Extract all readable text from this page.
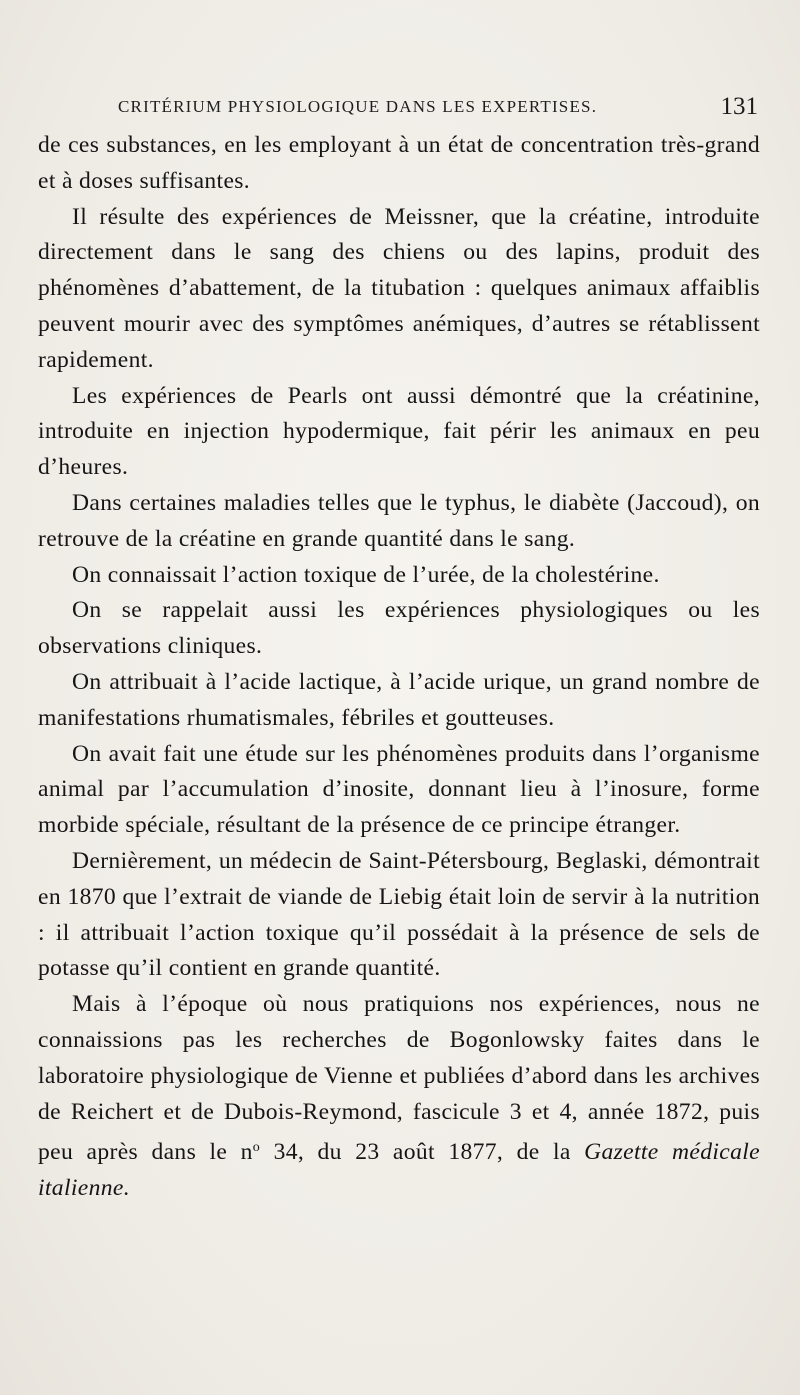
CRITÉRIUM PHYSIOLOGIQUE DANS LES EXPERTISES.	131

de ces substances, en les employant à un état de concentration très-grand et à doses suffisantes.

Il résulte des expériences de Meissner, que la créatine, introduite directement dans le sang des chiens ou des lapins, produit des phénomènes d’abattement, de la titubation : quelques animaux affaiblis peuvent mourir avec des symptômes anémiques, d’autres se rétablissent rapidement.

Les expériences de Pearls ont aussi démontré que la créatinine, introduite en injection hypodermique, fait périr les animaux en peu d’heures.

Dans certaines maladies telles que le typhus, le diabète (Jaccoud), on retrouve de la créatine en grande quantité dans le sang.

On connaissait l’action toxique de l’urée, de la cholestérine.

On se rappelait aussi les expériences physiologiques ou les observations cliniques.

On attribuait à l’acide lactique, à l’acide urique, un grand nombre de manifestations rhumatismales, fébriles et goutteuses.

On avait fait une étude sur les phénomènes produits dans l’organisme animal par l’accumulation d’inosite, donnant lieu à l’inosure, forme morbide spéciale, résultant de la présence de ce principe étranger.

Dernièrement, un médecin de Saint-Pétersbourg, Beglaski, démontrait en 1870 que l’extrait de viande de Liebig était loin de servir à la nutrition : il attribuait l’action toxique qu’il possédait à la présence de sels de potasse qu’il contient en grande quantité.

Mais à l’époque où nous pratiquions nos expériences, nous ne connaissions pas les recherches de Bogonlowsky faites dans le laboratoire physiologique de Vienne et publiées d’abord dans les archives de Reichert et de Dubois-Reymond, fascicule 3 et 4, année 1872, puis peu après dans le $n^o$ 34, du 23 août 1877, de la Gazette médicale italienne.
